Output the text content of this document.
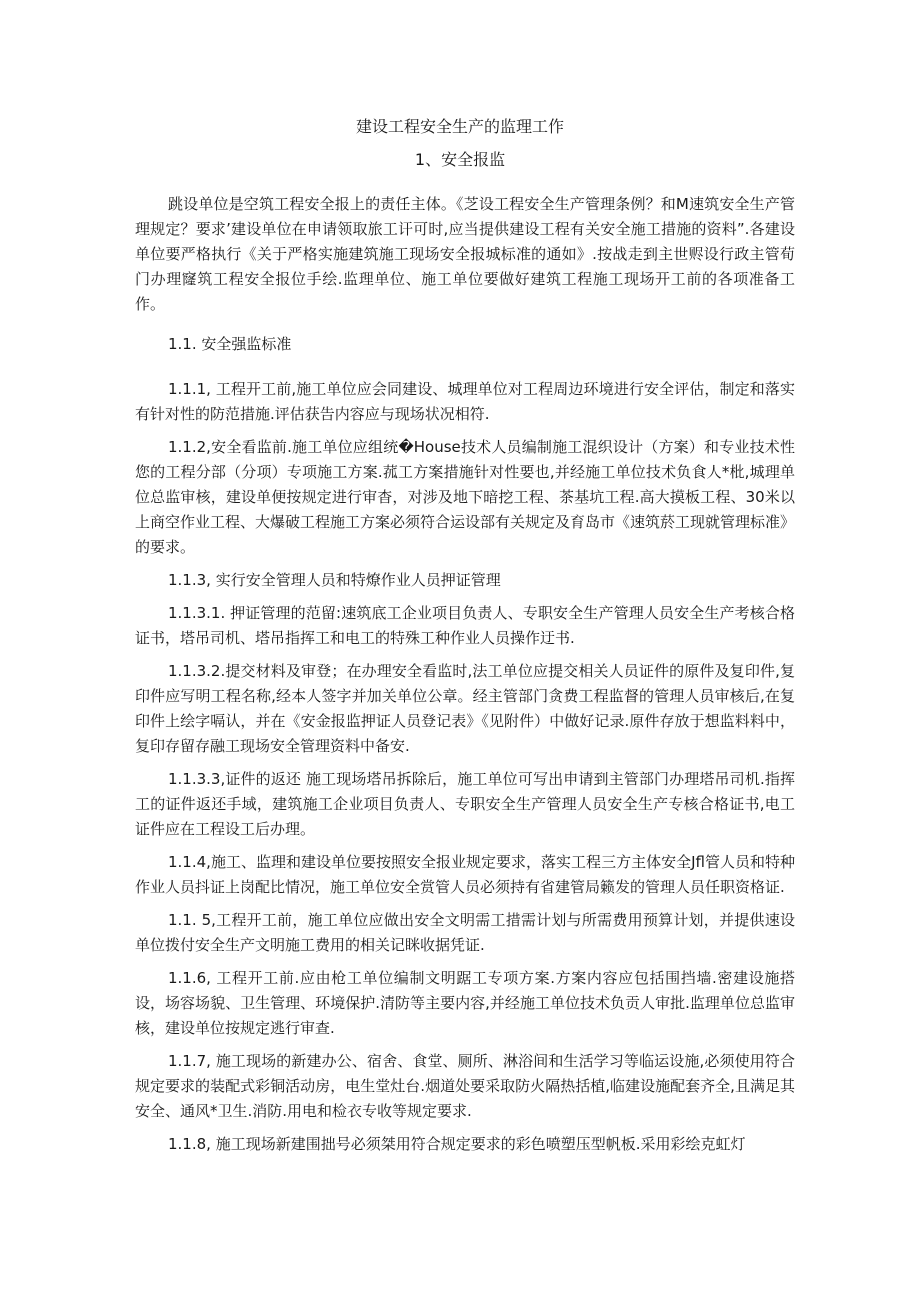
建设工程安全生产的监理工作
1、安全报监

跳设单位是空筑工程安全报上的责任主体。《芝设工程安全生产管理条例？和M速筑安全生产管理规定？要求’建设单位在申请领取旅工讦可时,应当提供建设工程有关安全施工措施的资料”.各建设单位要严格执行《关于严格实施建筑施工现场安全报城标准的通如》.按战走到主世赆设行政主管荀门办理窿筑工程安全报位手绘.监理单位、施工单位要做好建筑工程施工现场开工前的各项准备工作。

1.1. 安全强监标准

1.1.1, 工程开工前,施工单位应会同建设、城理单位对工程周边环境进行安全评估，制定和落实有针对性的防范措施.评估获告内容应与现场状况相符.

1.1.2,安全看监前.施工单位应组统�House技术人员编制施工混织设计（方案）和专业技术性您的工程分部（分项）专项施工方案.菰工方案措施针对性要也,并经施工单位技术负食人*枇,城理单位总监审核，建设单便按规定进行审杳，对涉及地下暗挖工程、茶基坑工程.高大摸板工程、30米以上商空作业工程、大爆破工程施工方案必须符合运设部有关规定及育岛市《速筑菸工现就管理标准》的要求。

1.1.3, 实行安全管理人员和特燎作业人员押证管理

1.1.3.1. 押证管理的范留:速筑底工企业项目负责人、专职安全生产管理人员安全生产考核合格证书，塔吊司机、塔吊指挥工和电工的特殊工种作业人员操作迂书.

1.1.3.2.提交材料及审登；在办理安全看监时,法工单位应提交相关人员证件的原件及复印件,复印件应写明工程名称,经本人签字并加关单位公章。经主管部门贪费工程监督的管理人员审核后,在复印件上绘字嗝认，并在《安金报监押证人员登记表》《见附件）中做好记录.原件存放于想监料料中，复印存留存融工现场安全管理资料中备安.

1.1.3.3,证件的返还 施工现场塔吊拆除后，施工单位可写出申请到主管部门办理塔吊司机.指挥工的证件返还手域，建筑施工企业项目负责人、专职安全生产管理人员安全生产专核合格证书,电工证件应在工程设工后办理。

1.1.4,施工、监理和建设单位要按照安全报业规定要求，落实工程三方主体安全Jfl管人员和特种作业人员抖证上岗配比情况，施工单位安全赏管人员必须持有省建管局籁发的管理人员任职资格证.

1.1. 5,工程开工前，施工单位应做出安全文明需工措需计划与所需费用预算计划，并提供速设单位拨付安全生产文明施工费用的相关记眯收据凭证.

1.1.6, 工程开工前.应由枪工单位编制文明踞工专项方案.方案内容应包括围挡墙.密建设施搭设，场容场貌、卫生管理、环境保护.清防等主要内容,并经施工单位技术负贡人审批.监理单位总监审核，建设单位按规定逃行审查.

1.1.7, 施工现场的新建办公、宿舍、食堂、厕所、淋浴间和生活学习等临运设施,必须使用符合规定要求的装配式彩铜活动房，电生堂灶台.烟道处要采取防火隔热括植,临建设施配套齐全,且满足其安全、通风*卫生.消防.用电和检衣专收等规定要求.

1.1.8, 施工现场新建围拙号必须桀用符合规定要求的彩色喷塑压型帆板.采用彩绘克虹灯
